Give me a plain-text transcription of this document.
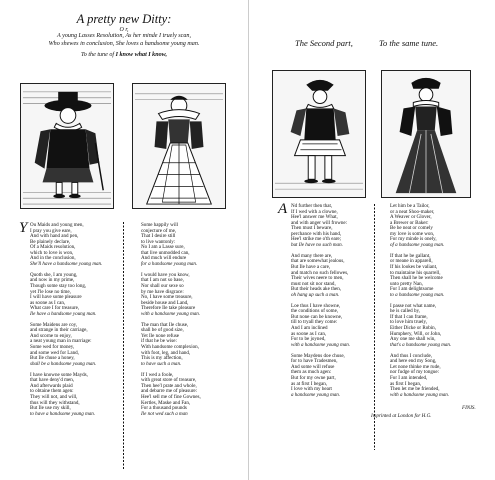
A pretty new Ditty:
O r,
A young Lasses Resolution, As her minde I truely scan,
Who shewes in conclusion, She loves a handsome young man.
To the tune of I know what I know,
Y Ou Maids and young men,
I pray you give eare,
And with hand and pen,
Be plainely declare,
Of a Maids resolution,
which to love is won,
And in the conclusion,
She'll have a handsome young man.

Quoth she, I am young,
and now in my prime,
Though some stay too long,
yet I'le lose no time,
I will have some pleasure
as soone as I can,
What care I for treasure,
Ile have a handsome young man.

Some Maidens are coy,
and strange in their carriage,
And scorne to enjoy,
a neat young man in marriage:
Some wed for money,
and some wed for Land,
But Ile chuse a honey,
shall be a handsome young man.

I have knowne some Mayds,
that have deny'd men,
And afterwards plaid
to obtaine them agen:
They will not, and will,
thus will they withstand,
But Ile use my skill,
to have a handsome young man.
Some happily will
conjecture of me,
That I desire still
to live wantonly:
No I am a Lasse sure,
that live unmodded can,
And much will endure
for a handsome young man.

I would have you know,
that I am not so base,
Nor shall our sexe so
by me have disgrace:
No, I have some treasure,
beside house and Land,
Therefore Ile take pleasure
with a handsome young man.

The man that Ile chuse,
shall be of good size,
Yet Ile none refuse
if that he be wise:
With handsome complexion,
with foot, leg, and hand,
This is my affection,
to have such a man.

If I wed a foole,
with great store of treasure,
Then hee'l prate and whole,
and debarre me of pleasure:
Hee'l sell me of fine Gownes,
Kertles, Maske and Fan,
For a thousand pounds
Ile not wed such a man
The Second part,	To the same tune.
A Nd further then that,
If I wed with a clowne,
Hee'l answer me What,
and with anger will frowne:
Then must I beware,
perchance with his hand,
Hee'l strike me o'th eare;
but Ile have no such man.

And many there are,
that are somewhat jealous,
But Ile have a care,
and match no such fellowes,
Their wives neere to men,
must not sit nor stand,
But their heads ake then,
oh hang up such a man.

Loe thus I have showne,
the conditions of some,
But none can be knowne,
till to tryall they come:
And I am inclined
as soone as I can,
For to be joyned,
with a handsome young man.

Some Maydens doe chuse,
for to have Tradesmen,
And some will refuse
them as much agen:
But for my owne part,
as at first I began,
I love with my heart
a handsome young man.
Let him be a Tailor,
or a neat Shoo-maker,
A Weaver or Glover,
a Brewer or Baker:
Be he neat or comely
my love is some won,
For my minde is onely,
of a handsome young man.

If that he be gallant,
or meane in apparell,
If his lookes be valiant,
to maintaine his quarrell,
Then shall he be welcome
unto pretty Nan,
For I am delightsome
to a handsome young man.

I passe not what name,
he is called by,
If that I can frame,
to love him truely,
Either Dicke or Robin,
Humphery, Will, or John,
Any one me shall win,
that's a handsome young man.

And thus I conclude,
and here end my Song,
Let none thinke me rude,
nor fudge of my tongue:
For I am intended,
as first I began,
Then let me be friended,
with a handsome young man.
FINIS.
Imprinted at London for H.G.
